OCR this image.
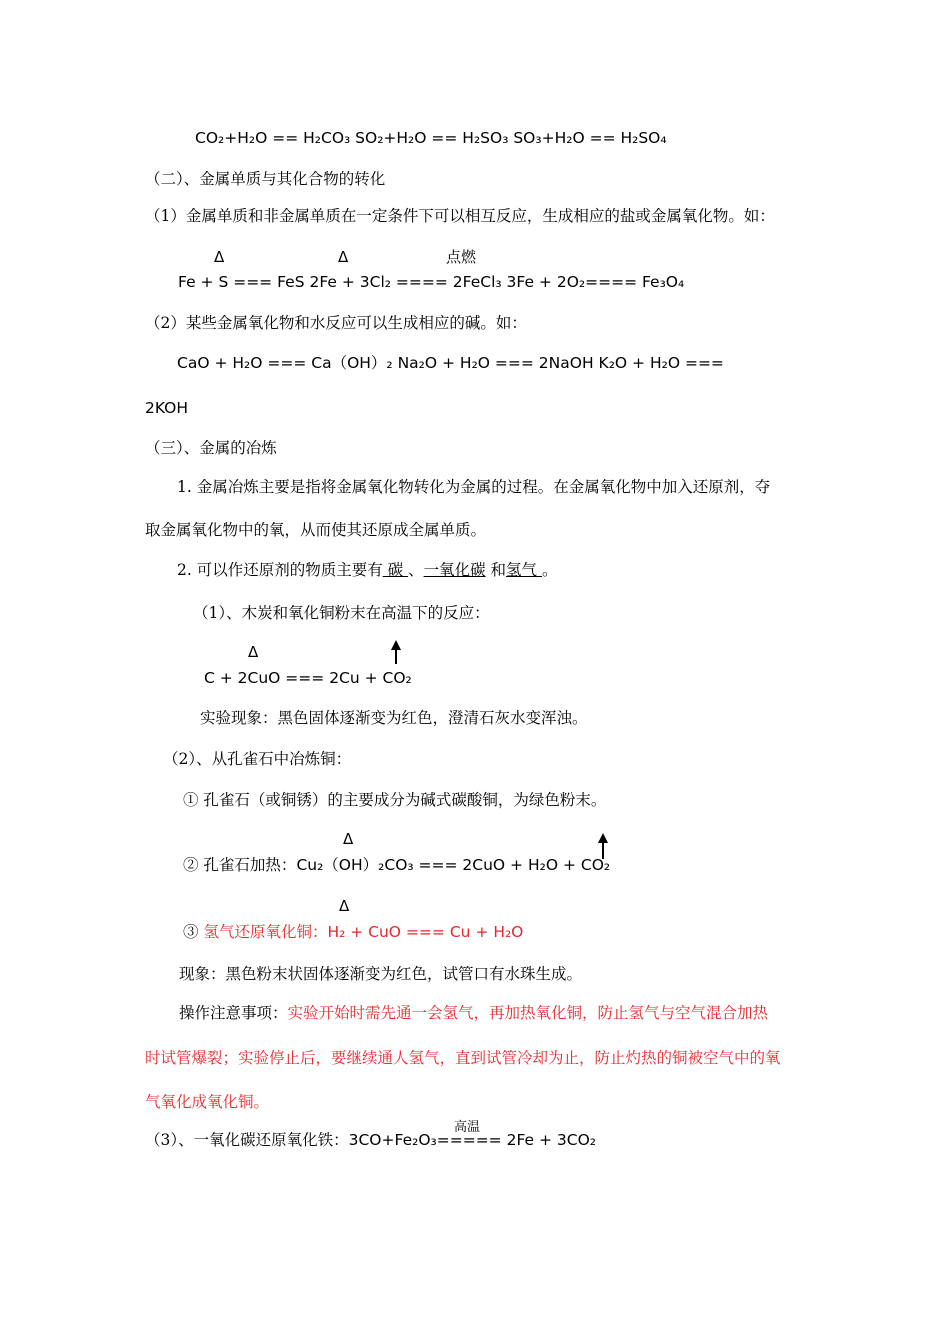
CO₂+H₂O == H₂CO₃ SO₂+H₂O == H₂SO₃ SO₃+H₂O == H₂SO₄
（二）、金属单质与其化合物的转化
（1）金属单质和非金属单质在一定条件下可以相互反应，生成相应的盐或金属氧化物。如：
Δ	Δ	点燃
Fe + S === FeS 2Fe + 3Cl₂ ==== 2FeCl₃ 3Fe + 2O₂==== Fe₃O₄
（2）某些金属氧化物和水反应可以生成相应的碱。如：
CaO + H₂O === Ca（OH）₂ Na₂O + H₂O === 2NaOH K₂O + H₂O ===
2KOH
（三）、金属的冶炼
1. 金属冶炼主要是指将金属氧化物转化为金属的过程。在金属氧化物中加入还原剂，夺
取金属氧化物中的氧，从而使其还原成全属单质。
2. 可以作还原剂的物质主要有 碳 、一氧化碳 和氢气 。
（1）、木炭和氧化铜粉末在高温下的反应：
Δ
C + 2CuO === 2Cu + CO₂
实验现象：黑色固体逐渐变为红色，澄清石灰水变浑浊。
（2）、从孔雀石中冶炼铜：
① 孔雀石（或铜锈）的主要成分为碱式碳酸铜，为绿色粉末。
Δ
② 孔雀石加热：Cu₂（OH）₂CO₃ === 2CuO + H₂O + CO₂
Δ
③ 氢气还原氧化铜：H₂ + CuO === Cu + H₂O
现象：黑色粉末状固体逐渐变为红色，试管口有水珠生成。
操作注意事项：实验开始时需先通一会氢气，再加热氧化铜，防止氢气与空气混合加热
时试管爆裂；实验停止后，要继续通人氢气，直到试管冷却为止，防止灼热的铜被空气中的氧
气氧化成氧化铜。
高温
（3）、一氧化碳还原氧化铁：3CO+Fe₂O₃===== 2Fe + 3CO₂
